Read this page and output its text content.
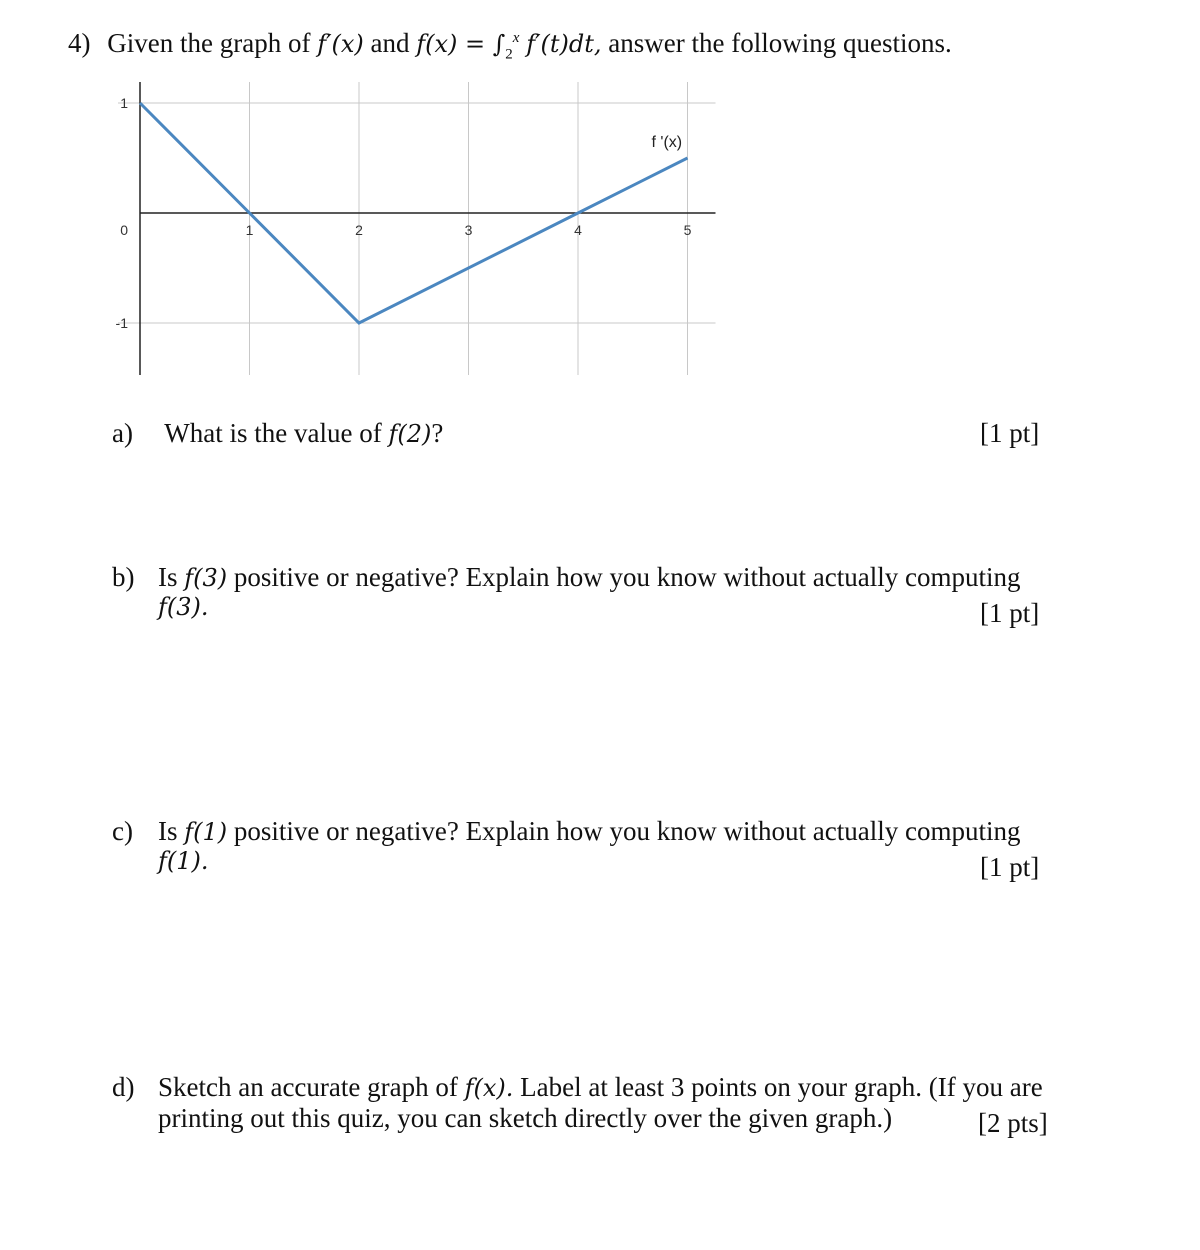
4) Given the graph of f′(x) and $f(x) = \int_2^x$ f′(t)dt, answer the following questions.
1	2	3	4	5
-1
0
1
f '(x)
a) What is the value of f(2)?	[1 pt]
b) Is f(3) positive or negative? Explain how you know without actually computing
f(3).	[1 pt]
c) Is f(1) positive or negative? Explain how you know without actually computing
f(1).	[1 pt]
d) Sketch an accurate graph of f(x). Label at least 3 points on your graph. (If you are
printing out this quiz, you can sketch directly over the given graph.)	[2 pts]
